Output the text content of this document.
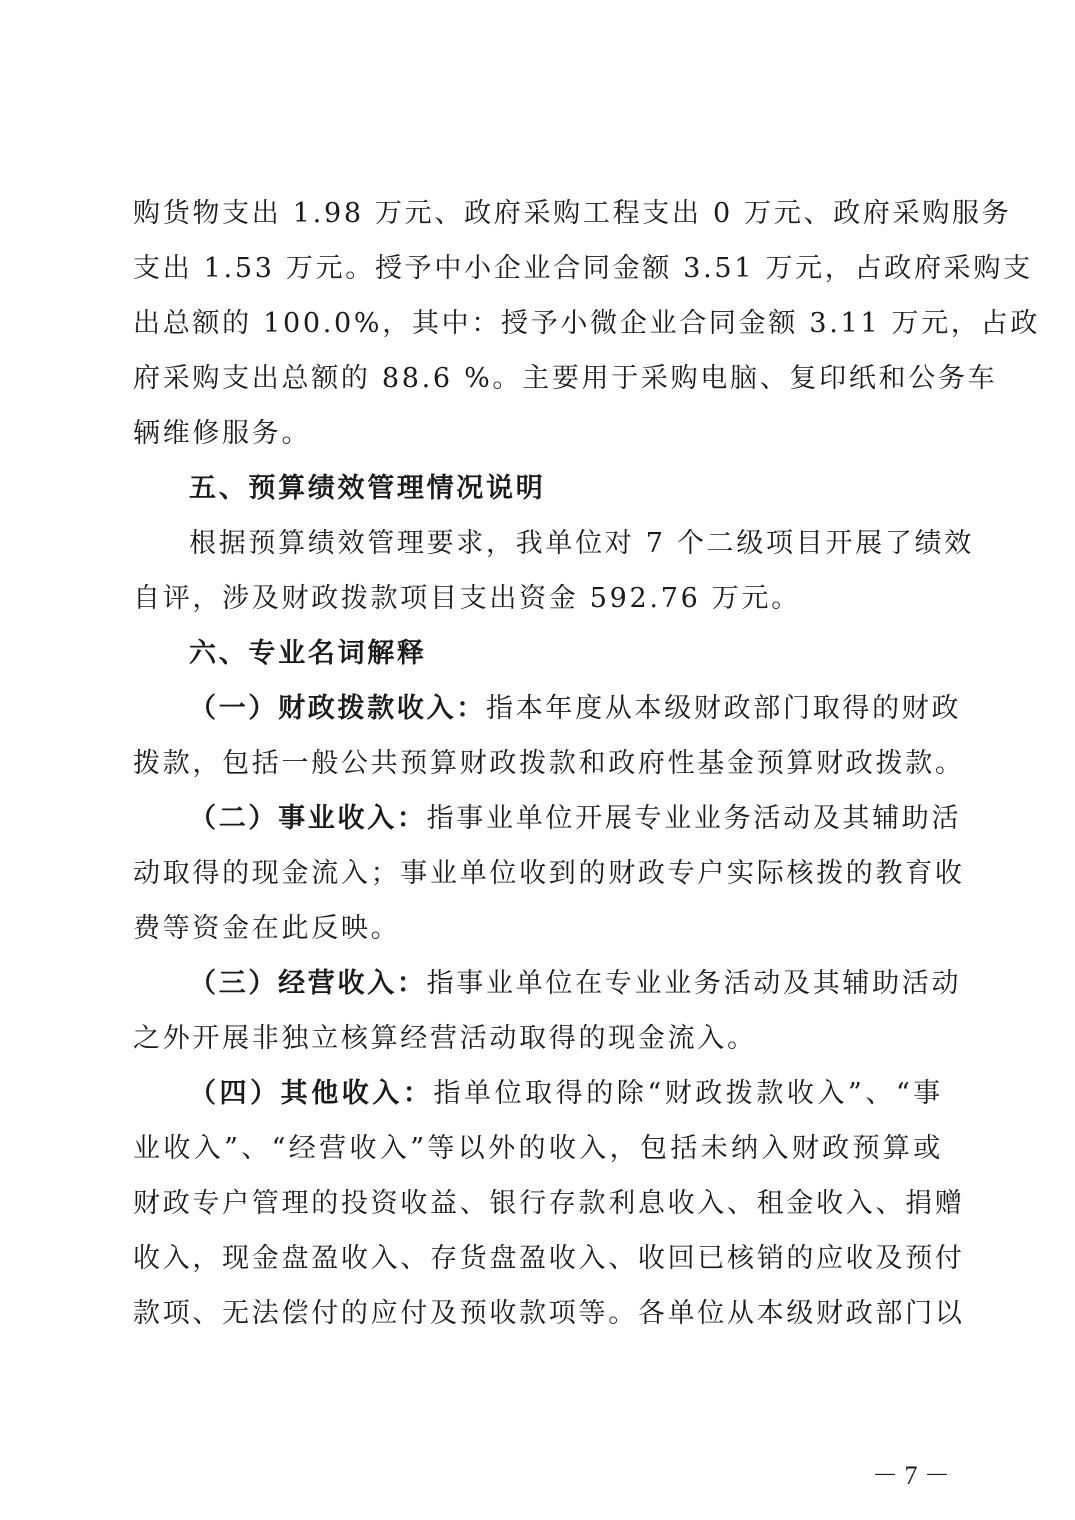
购货物支出 1.98 万元、政府采购工程支出 0 万元、政府采购服务
支出 1.53 万元。授予中小企业合同金额 3.51 万元，占政府采购支
出总额的 100.0%，其中：授予小微企业合同金额 3.11 万元，占政
府采购支出总额的 88.6 %。主要用于采购电脑、复印纸和公务车
辆维修服务。
五、预算绩效管理情况说明
根据预算绩效管理要求，我单位对 7 个二级项目开展了绩效
自评，涉及财政拨款项目支出资金 592.76 万元。
六、专业名词解释
（一）财政拨款收入：指本年度从本级财政部门取得的财政
拨款，包括一般公共预算财政拨款和政府性基金预算财政拨款。
（二）事业收入：指事业单位开展专业业务活动及其辅助活
动取得的现金流入；事业单位收到的财政专户实际核拨的教育收
费等资金在此反映。
（三）经营收入：指事业单位在专业业务活动及其辅助活动
之外开展非独立核算经营活动取得的现金流入。
（四）其他收入：指单位取得的除“财政拨款收入”、“事
业收入”、“经营收入”等以外的收入，包括未纳入财政预算或
财政专户管理的投资收益、银行存款利息收入、租金收入、捐赠
收入，现金盘盈收入、存货盘盈收入、收回已核销的应收及预付
款项、无法偿付的应付及预收款项等。各单位从本级财政部门以
－ 7 －
